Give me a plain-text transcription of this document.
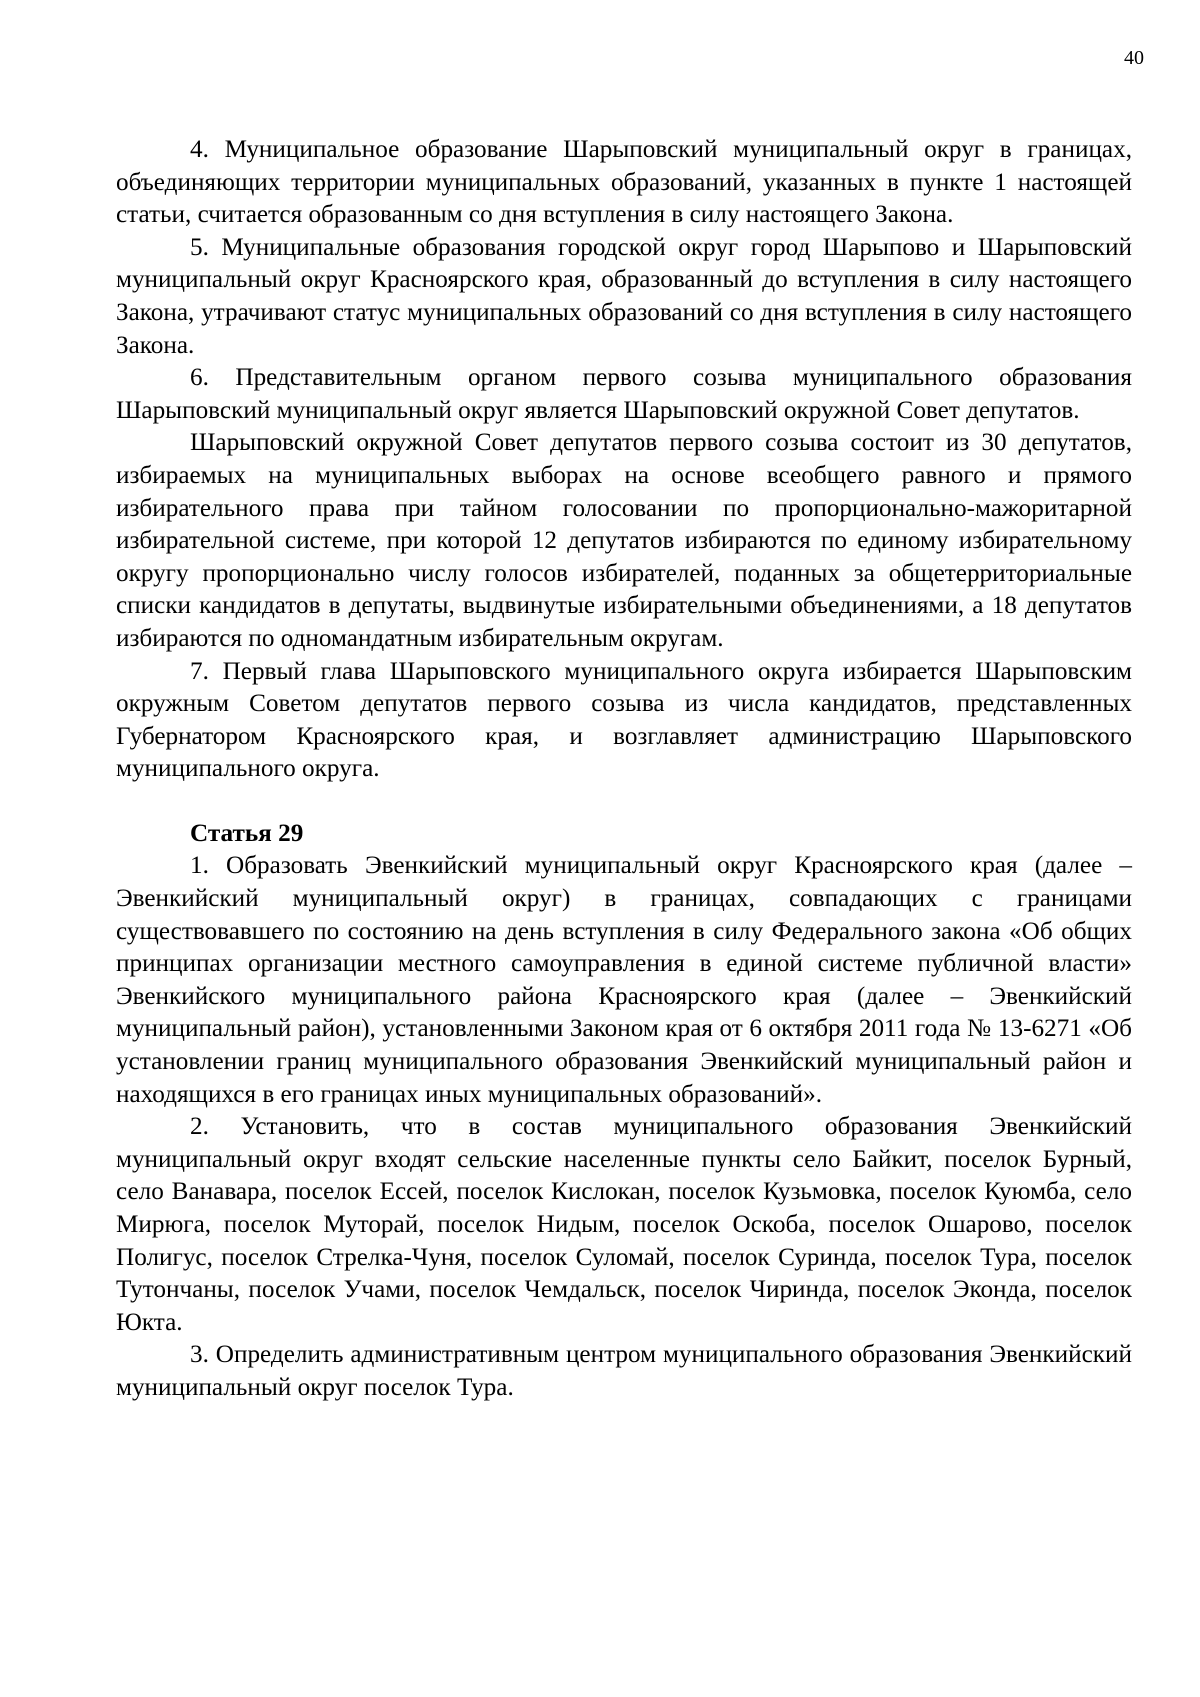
40

4. Муниципальное образование Шарыповский муниципальный округ в границах, объединяющих территории муниципальных образований, указанных в пункте 1 настоящей статьи, считается образованным со дня вступления в силу настоящего Закона.

5. Муниципальные образования городской округ город Шарыпово и Шарыповский муниципальный округ Красноярского края, образованный до вступления в силу настоящего Закона, утрачивают статус муниципальных образований со дня вступления в силу настоящего Закона.

6. Представительным органом первого созыва муниципального образования Шарыповский муниципальный округ является Шарыповский окружной Совет депутатов.

Шарыповский окружной Совет депутатов первого созыва состоит из 30 депутатов, избираемых на муниципальных выборах на основе всеобщего равного и прямого избирательного права при тайном голосовании по пропорционально-мажоритарной избирательной системе, при которой 12 депутатов избираются по единому избирательному округу пропорционально числу голосов избирателей, поданных за общетерриториальные списки кандидатов в депутаты, выдвинутые избирательными объединениями, а 18 депутатов избираются по одномандатным избирательным округам.

7. Первый глава Шарыповского муниципального округа избирается Шарыповским окружным Советом депутатов первого созыва из числа кандидатов, представленных Губернатором Красноярского края, и возглавляет администрацию Шарыповского муниципального округа.

Статья 29

1. Образовать Эвенкийский муниципальный округ Красноярского края (далее – Эвенкийский муниципальный округ) в границах, совпадающих с границами существовавшего по состоянию на день вступления в силу Федерального закона «Об общих принципах организации местного самоуправления в единой системе публичной власти» Эвенкийского муниципального района Красноярского края (далее – Эвенкийский муниципальный район), установленными Законом края от 6 октября 2011 года № 13-6271 «Об установлении границ муниципального образования Эвенкийский муниципальный район и находящихся в его границах иных муниципальных образований».

2. Установить, что в состав муниципального образования Эвенкийский муниципальный округ входят сельские населенные пункты село Байкит, поселок Бурный, село Ванавара, поселок Ессей, поселок Кислокан, поселок Кузьмовка, поселок Куюмба, село Мирюга, поселок Муторай, поселок Нидым, поселок Оскоба, поселок Ошарово, поселок Полигус, поселок Стрелка-Чуня, поселок Суломай, поселок Суринда, поселок Тура, поселок Тутончаны, поселок Учами, поселок Чемдальск, поселок Чиринда, поселок Эконда, поселок Юкта.

3. Определить административным центром муниципального образования Эвенкийский муниципальный округ поселок Тура.
